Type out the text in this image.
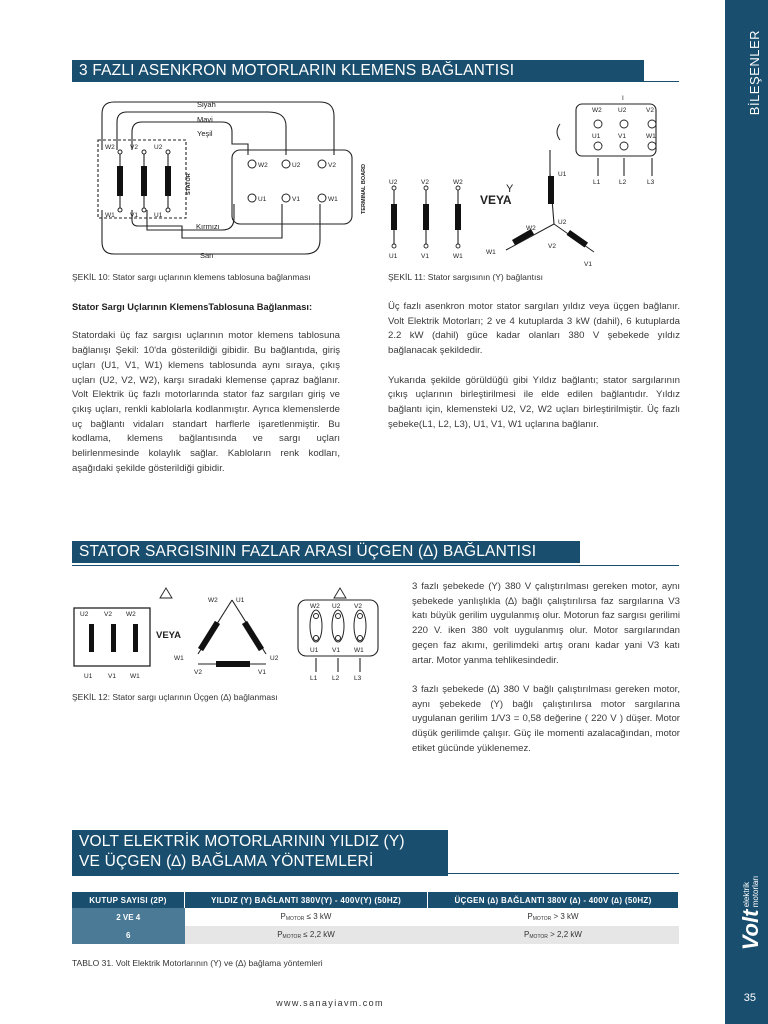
BİLEŞENLER
Volt
elektrik
motorları
35
3 FAZLI ASENKRON MOTORLARIN KLEMENS BAĞLANTISI
Siyah
Mavi
Yeşil
Kırmızı
Sarı
W2 V2 U2
W1 V1 U1
STATOR
W2	U2	V2
U1	V1	W1	TERMINAL BOARD
ŞEKİL 10: Stator sargı uçlarının klemens tablosuna bağlanması
U2	V2	W2
U1	V1	W1
VEYA
Y
U1
U2
W2
V2
W1
V1
I
W2	U2	V2
U1	V1	W1
L1	L2	L3
ŞEKİL 11: Stator sargısının (Y) bağlantısı
Stator Sargı Uçlarının KlemensTablosuna Bağlanması:

Statordaki üç faz sargısı uçlarının motor klemens tablosuna bağlanışı Şekil: 10'da gösterildiği gibidir. Bu bağlantıda, giriş uçları (U1, V1, W1) klemens tablosunda aynı sıraya, çıkış uçları (U2, V2, W2), karşı sıradaki klemense çapraz bağlanır. Volt Elektrik üç fazlı motorlarında stator faz sargıları giriş ve çıkış uçları, renkli kablolarla kodlanmıştır. Ayrıca klemenslerde uç bağlantı vidaları standart harflerle işaretlenmiştir. Bu kodlama, klemens bağlantısında ve sargı uçları belirlenmesinde kolaylık sağlar. Kabloların renk kodları, aşağıdaki şekilde gösterildiği gibidir.

Üç fazlı asenkron motor stator sargıları yıldız veya üçgen bağlanır. Volt Elektrik Motorları; 2 ve 4 kutuplarda 3 kW (dahil), 6 kutuplarda 2.2 kW (dahil) güce kadar olanları 380 V şebekede yıldız bağlanacak şekildedir.

Yukarıda şekilde görüldüğü gibi Yıldız bağlantı; stator sargılarının çıkış uçlarının birleştirilmesi ile elde edilen bağlantıdır. Yıldız bağlantı için, klemensteki U2, V2, W2 uçları birleştirilmiştir. Üç fazlı şebeke(L1, L2, L3), U1, V1, W1 uçlarına bağlanır.

STATOR SARGISININ FAZLAR ARASI ÜÇGEN (∆) BAĞLANTISI
U2 V2 W2
U1 V1 W1
VEYA
W2	U1
W1	U2
V2	V1
W2 U2 V2
U1 V1 W1
L1 L2 L3
ŞEKİL 12: Stator sargı uçlarının Üçgen (∆) bağlanması

3 fazlı şebekede (Y) 380 V çalıştırılması gereken motor, aynı şebekede yanlışlıkla (∆) bağlı çalıştırılırsa faz sargılarına V3 katı büyük gerilim uygulanmış olur. Motorun faz sargısı gerilimi 220 V. iken 380 volt uygulanmış olur. Motor sargılarından geçen faz akımı, gerilimdeki artış oranı kadar yani V3 katı artar. Motor yanma tehlikesindedir.

3 fazlı şebekede (∆) 380 V bağlı çalıştırılması gereken motor, aynı şebekede (Y) bağlı çalıştırılırsa motor sargılarına uygulanan gerilim 1/V3 = 0,58 değerine ( 220 V ) düşer. Motor düşük gerilimde çalışır. Güç ile momenti azalacağından, motor etiket gücünde yüklenemez.

VOLT ELEKTRİK MOTORLARININ YILDIZ (Y)
VE ÜÇGEN (∆) BAĞLAMA YÖNTEMLERİ
KUTUP SAYISI (2P)	YILDIZ (Y) BAĞLANTI 380V(Y) - 400V(Y) (50HZ)	ÜÇGEN (∆) BAĞLANTI 380V (∆) - 400V (∆) (50HZ)
2 VE 4	$P_{MOTOR} \le 3$ kW	$P_{MOTOR} > 3$ kW
6	$P_{MOTOR} \le 2,2$ kW	$P_{MOTOR} > 2,2$ kW
TABLO 31. Volt Elektrik Motorlarının (Y) ve (∆) bağlama yöntemleri
www.sanayiavm.com
